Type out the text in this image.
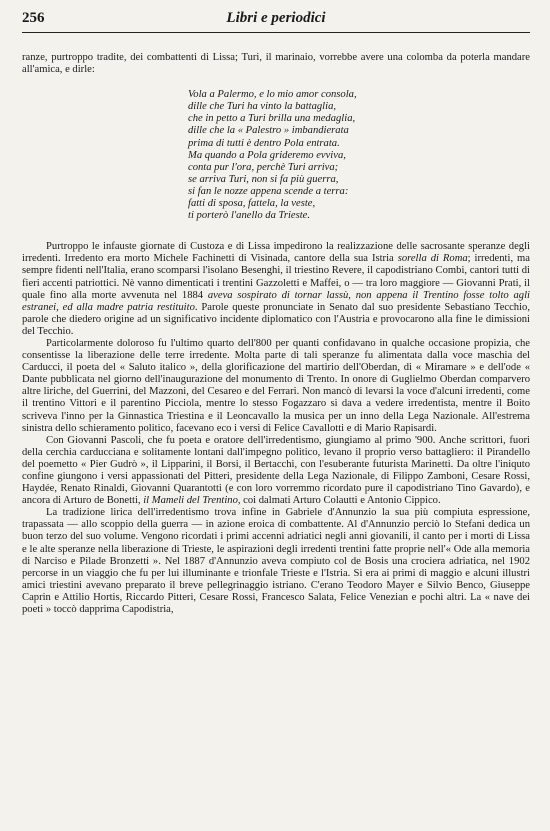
256	Libri e periodici

ranze, purtroppo tradite, dei combattenti di Lissa; Turi, il marinaio, vorrebbe avere una colomba da poterla mandare all'amica, e dirle:

Vola a Palermo, e lo mio amor consola,
dille che Turi ha vinto la battaglia,
che in petto a Turi brilla una medaglia,
dille che la « Palestro » imbandierata
prima di tutti è dentro Pola entrata.
Ma quando a Pola grideremo evviva,
conta pur l'ora, perchè Turi arriva;
se arriva Turi, non si fa più guerra,
si fan le nozze appena scende a terra:
fatti di sposa, fattela, la veste,
ti porterò l'anello da Trieste.

Purtroppo le infauste giornate di Custoza e di Lissa impedirono la realizzazione delle sacrosante speranze degli irredenti. Irredento era morto Michele Fachinetti di Visinada, cantore della sua Istria sorella di Roma; irredenti, ma sempre fidenti nell'Italia, erano scomparsi l'isolano Besenghi, il triestino Revere, il capodistriano Combi, cantori tutti di fieri accenti patriottici. Nè vanno dimenticati i trentini Gazzoletti e Maffei, o — tra loro maggiore — Giovanni Prati, il quale fino alla morte avvenuta nel 1884 aveva sospirato di tornar lassù, non appena il Trentino fosse tolto agli estranei, ed alla madre patria restituito. Parole queste pronunciate in Senato dal suo presidente Sebastiano Tecchio, parole che diedero origine ad un significativo incidente diplomatico con l'Austria e provocarono alla fine le dimissioni del Tecchio.

Particolarmente doloroso fu l'ultimo quarto dell'800 per quanti confidavano in qualche occasione propizia, che consentisse la liberazione delle terre irredente. Molta parte di tali speranze fu alimentata dalla voce maschia del Carducci, il poeta del « Saluto italico », della glorificazione del martirio dell'Oberdan, di « Miramare » e dell'ode « Dante pubblicata nel giorno dell'inaugurazione del monumento di Trento. In onore di Guglielmo Oberdan comparvero altre liriche, del Guerrini, del Mazzoni, del Cesareo e del Ferrari. Non mancò di levarsi la voce d'alcuni irredenti, come il trentino Vittori e il parentino Picciola, mentre lo stesso Fogazzaro si dava a vedere irredentista, mentre il Boito scriveva l'inno per la Ginnastica Triestina e il Leoncavallo la musica per un inno della Lega Nazionale. All'estrema sinistra dello schieramento politico, facevano eco i versi di Felice Cavallotti e di Mario Rapisardi.

Con Giovanni Pascoli, che fu poeta e oratore dell'irredentismo, giungiamo al primo '900. Anche scrittori, fuori della cerchia carducciana e solitamente lontani dall'impegno politico, levano il proprio verso battagliero: il Pirandello del poemetto « Pier Gudrò », il Lipparini, il Borsi, il Bertacchi, con l'esuberante futurista Marinetti. Da oltre l'iniquto confine giungono i versi appassionati del Pitteri, presidente della Lega Nazionale, di Filippo Zamboni, Cesare Rossi, Haydée, Renato Rinaldi, Giovanni Quarantotti (e con loro vorremmo ricordato pure il capodistriano Tino Gavardo), e ancora di Arturo de Bonetti, il Mameli del Trentino, coi dalmati Arturo Colautti e Antonio Cippico.

La tradizione lirica dell'irredentismo trova infine in Gabriele d'Annunzio la sua più compiuta espressione, trapassata — allo scoppio della guerra — in azione eroica di combattente. Al d'Annunzio perciò lo Stefani dedica un buon terzo del suo volume. Vengono ricordati i primi accenni adriatici negli anni giovanili, il canto per i morti di Lissa e le alte speranze nella liberazione di Trieste, le aspirazioni degli irredenti trentini fatte proprie nell'« Ode alla memoria di Narciso e Pilade Bronzetti ». Nel 1887 d'Annunzio aveva compiuto col de Bosis una crociera adriatica, nel 1902 percorse in un viaggio che fu per lui illuminante e trionfale Trieste e l'Istria. Si era ai primi di maggio e alcuni illustri amici triestini avevano preparato il breve pellegrinaggio istriano. C'erano Teodoro Mayer e Silvio Benco, Giuseppe Caprin e Attilio Hortis, Riccardo Pitteri, Cesare Rossi, Francesco Salata, Felice Venezian e pochi altri. La « nave dei poeti » toccò dapprima Capodistria,
